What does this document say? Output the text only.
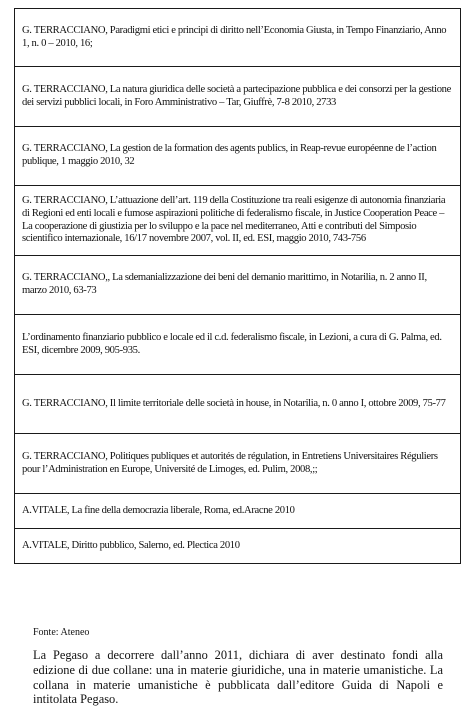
G. TERRACCIANO, Paradigmi etici e principi di diritto nell’Economia Giusta, in Tempo Finanziario, Anno 1, n. 0 – 2010, 16;
G. TERRACCIANO, La natura giuridica delle società a partecipazione pubblica e dei consorzi per la gestione dei servizi pubblici locali, in Foro Amministrativo – Tar, Giuffrè, 7-8 2010, 2733
G. TERRACCIANO, La gestion de la formation des agents publics, in Reap-revue européenne de l’action publique, 1 maggio 2010, 32
G. TERRACCIANO, L’attuazione dell’art. 119 della Costituzione tra reali esigenze di autonomia finanziaria di Regioni ed enti locali e fumose aspirazioni politiche di federalismo fiscale, in Justice Cooperation Peace – La cooperazione di giustizia per lo sviluppo e la pace nel mediterraneo, Atti e contributi del Simposio scientifico internazionale, 16/17 novembre 2007, vol. II, ed. ESI, maggio 2010, 743-756
G. TERRACCIANO,, La sdemanializzazione dei beni del demanio marittimo, in Notarilia, n. 2 anno II, marzo 2010, 63-73
L’ordinamento finanziario pubblico e locale ed il c.d. federalismo fiscale, in Lezioni, a cura di G. Palma, ed. ESI, dicembre 2009, 905-935.
G. TERRACCIANO, Il limite territoriale delle società in house, in Notarilia, n. 0 anno I, ottobre 2009, 75-77
G. TERRACCIANO, Politiques publiques et autorités de régulation, in Entretiens Universitaires Réguliers pour l’Administration en Europe, Université de Limoges, ed. Pulim, 2008,;;
A.VITALE, La fine della democrazia liberale, Roma, ed.Aracne 2010
A.VITALE, Diritto pubblico, Salerno, ed. Plectica 2010
Fonte: Ateneo

La Pegaso a decorrere dall’anno 2011, dichiara di aver destinato fondi alla edizione di due collane: una in materie giuridiche, una in materie umanistiche. La collana in materie umanistiche è pubblicata dall’editore Guida di Napoli e intitolata Pegaso.
